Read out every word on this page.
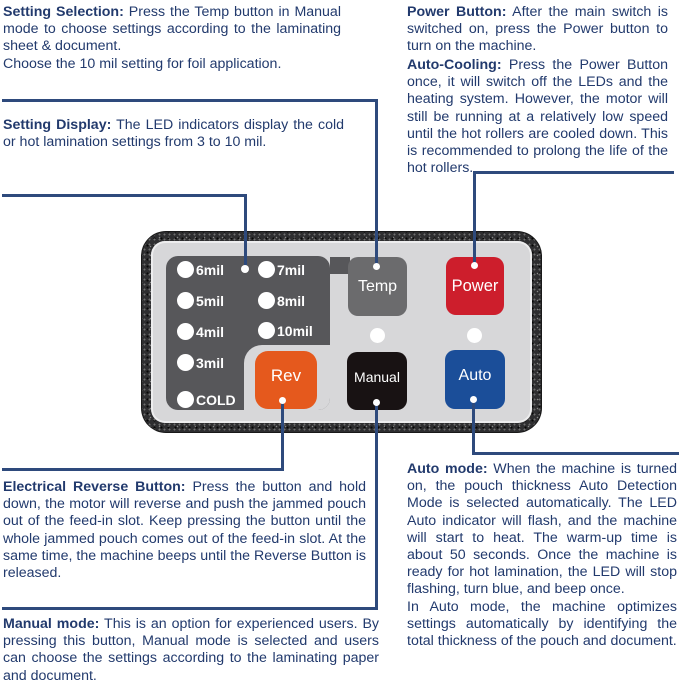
Setting Selection: Press the Temp button in Manual mode to choose settings according to the laminating sheet & document.

Choose the 10 mil setting for foil application.

Setting Display: The LED indicators display the cold or hot lamination settings from 3 to 10 mil.

Power Button: After the main switch is switched on, press the Power button to turn on the machine.

Auto-Cooling: Press the Power Button once, it will switch off the LEDs and the heating system. However, the motor will still be running at a relatively low speed until the hot rollers are cooled down. This is recommended to prolong the life of the hot rollers.

Electrical Reverse Button: Press the button and hold down, the motor will reverse and push the jammed pouch out of the feed-in slot. Keep pressing the button until the whole jammed pouch comes out of the feed-in slot. At the same time, the machine beeps until the Reverse Button is released.

Manual mode: This is an option for experienced users. By pressing this button, Manual mode is selected and users can choose the settings according to the laminating paper and document.

Auto mode: When the machine is turned on, the pouch thickness Auto Detection Mode is selected automatically. The LED Auto indicator will flash, and the machine will start to heat. The warm-up time is about 50 seconds. Once the machine is ready for hot lamination, the LED will stop flashing, turn blue, and beep once.

In Auto mode, the machine optimizes settings automatically by identifying the total thickness of the pouch and document.

6mil
5mil
4mil
3mil
COLD
7mil
8mil
10mil
Temp	Power
Rev	Manual	Auto
